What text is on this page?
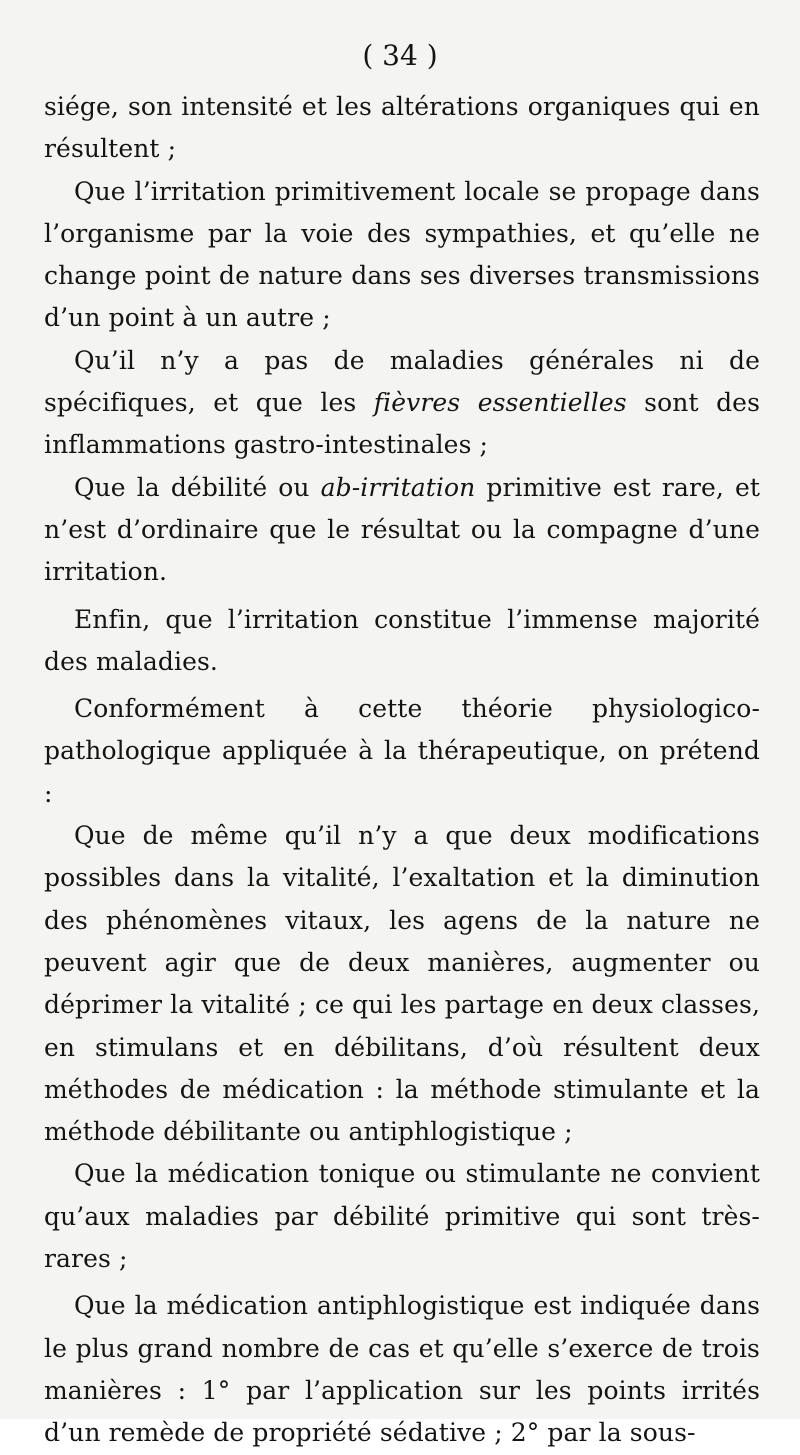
( 34 )

siége, son intensité et les altérations organiques qui en résultent ;

Que l’irritation primitivement locale se propage dans l’organisme par la voie des sympathies, et qu’elle ne change point de nature dans ses diverses transmissions d’un point à un autre ;

Qu’il n’y a pas de maladies générales ni de spécifiques, et que les fièvres essentielles sont des inflammations gastro-intestinales ;

Que la débilité ou ab-irritation primitive est rare, et n’est d’ordinaire que le résultat ou la compagne d’une irritation.

Enfin, que l’irritation constitue l’immense majorité des maladies.

Conformément à cette théorie physiologico-pathologique appliquée à la thérapeutique, on prétend :

Que de même qu’il n’y a que deux modifications possibles dans la vitalité, l’exaltation et la diminution des phénomènes vitaux, les agens de la nature ne peuvent agir que de deux manières, augmenter ou déprimer la vitalité ; ce qui les partage en deux classes, en stimulans et en débilitans, d’où résultent deux méthodes de médication : la méthode stimulante et la méthode débilitante ou antiphlogistique ;

Que la médication tonique ou stimulante ne convient qu’aux maladies par débilité primitive qui sont très-rares ;

Que la médication antiphlogistique est indiquée dans le plus grand nombre de cas et qu’elle s’exerce de trois manières : 1° par l’application sur les points irrités d’un remède de propriété sédative ; 2° par la sous-
